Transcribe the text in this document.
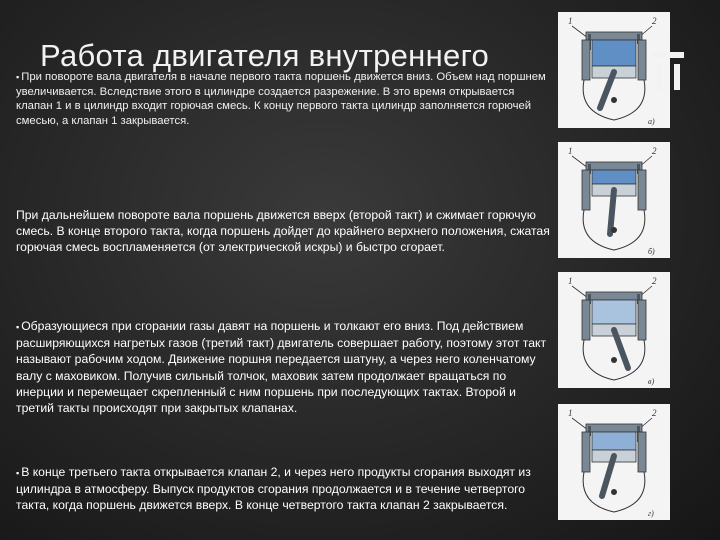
Работа двигателя внутреннего
▪ При повороте вала двигателя в начале первого такта поршень движется вниз. Объем над поршнем увеличивается. Вследствие этого в цилиндре создается разрежение. В это время открывается клапан 1 и в цилиндр входит горючая смесь. К концу первого такта цилиндр заполняется горючей смесью, а клапан 1 закрывается.
При дальнейшем повороте вала поршень движется вверх (второй такт) и сжимает горючую смесь. В конце второго такта, когда поршень дойдет до крайнего верхнего положения, сжатая горючая смесь воспламеняется (от электрической искры) и быстро сгорает.
▪ Образующиеся при сгорании газы давят на поршень и толкают его вниз. Под действием расширяющихся нагретых газов (третий такт) двигатель совершает работу, поэтому этот такт называют рабочим ходом. Движение поршня передается шатуну, а через него коленчатому валу с маховиком. Получив сильный толчок, маховик затем продолжает вращаться по инерции и перемещает скрепленный с ним поршень при последующих тактах. Второй и третий такты происходят при закрытых клапанах.
▪ В конце третьего такта открывается клапан 2, и через него продукты сгорания выходят из цилиндра в атмосферу. Выпуск продуктов сгорания продолжается и в течение четвертого такта, когда поршень движется вверх. В конце четвертого такта клапан 2 закрывается.
1	2
а)
1	2
б)
1	2
в)
1	2
г)
